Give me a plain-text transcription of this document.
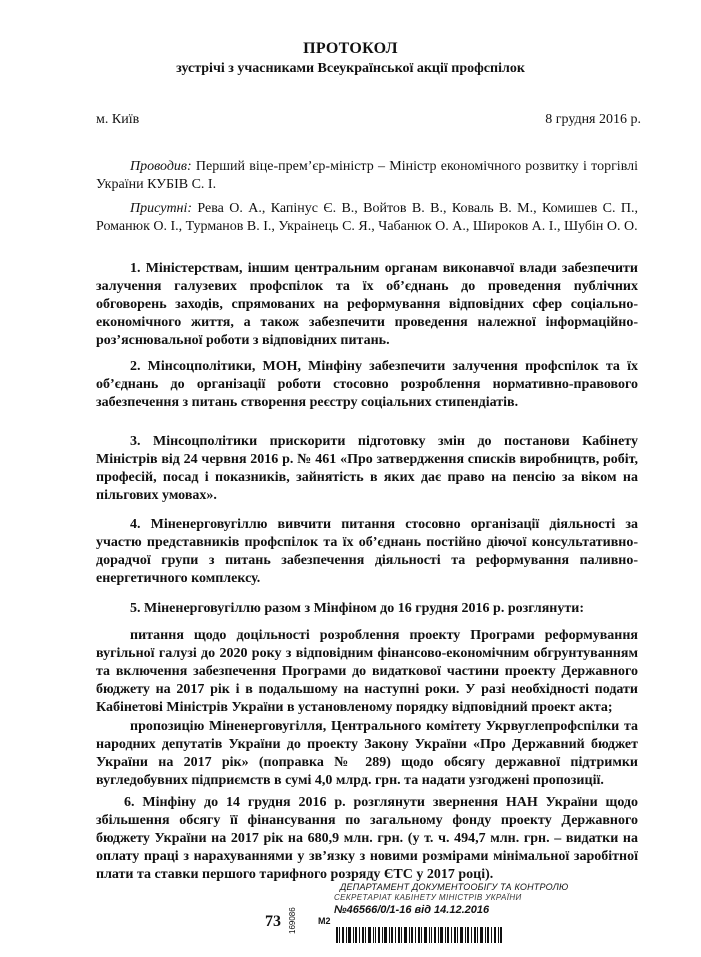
ПРОТОКОЛ
зустрічі з учасниками Всеукраїнської акції профспілок
м. Київ	8 грудня 2016 р.

Проводив: Перший віце-прем’єр-міністр – Міністр економічного розвитку і торгівлі України КУБІВ С. І.

Присутні: Рева О. А., Капінус Є. В., Войтов В. В., Коваль В. М., Комишев С. П., Романюк О. І., Турманов В. І., Украінець С. Я., Чабанюк О. А., Широков А. І., Шубін О. О.

1. Міністерствам, іншим центральним органам виконавчої влади забезпечити залучення галузевих профспілок та їх об’єднань до проведення публічних обговорень заходів, спрямованих на реформування відповідних сфер соціально-економічного життя, а також забезпечити проведення належної інформаційно-роз’яснювальної роботи з відповідних питань.

2. Мінсоцполітики, МОН, Мінфіну забезпечити залучення профспілок та їх об’єднань до організації роботи стосовно розроблення нормативно-правового забезпечення з питань створення реєстру соціальних стипендіатів.

3. Мінсоцполітики прискорити підготовку змін до постанови Кабінету Міністрів від 24 червня 2016 р. № 461 «Про затвердження списків виробництв, робіт, професій, посад і показників, зайнятість в яких дає право на пенсію за віком на пільгових умовах».

4. Міненерговугіллю вивчити питання стосовно організації діяльності за участю представників профспілок та їх об’єднань постійно діючої консультативно-дорадчої групи з питань забезпечення діяльності та реформування паливно-енергетичного комплексу.

5. Міненерговугіллю разом з Мінфіном до 16 грудня 2016 р. розглянути:

питання щодо доцільності розроблення проекту Програми реформування вугільної галузі до 2020 року з відповідним фінансово-економічним обгрунтуванням та включення забезпечення Програми до видаткової частини проекту Державного бюджету на 2017 рік і в подальшому на наступні роки. У разі необхідності подати Кабінетові Міністрів України в установленому порядку відповідний проект акта;

пропозицію Міненерговугілля, Центрального комітету Укрвуглепрофспілки та народних депутатів України до проекту Закону України «Про Державний бюджет України на 2017 рік» (поправка № 289) щодо обсягу державної підтримки вугледобувних підприємств в сумі 4,0 млрд. грн. та надати узгоджені пропозиції.

6. Мінфіну до 14 грудня 2016 р. розглянути звернення НАН України щодо збільшення обсягу її фінансування по загальному фонду проекту Державного бюджету України на 2017 рік на 680,9 млн. грн. (у т. ч. 494,7 млн. грн. – видатки на оплату праці з нарахуваннями у зв’язку з новими розмірами мінімальної заробітної плати та ставки першого тарифного розряду ЄТС у 2017 році).

73 169086 М2
ДЕПАРТАМЕНТ ДОКУМЕНТООБІГУ ТА КОНТРОЛЮ
СЕКРЕТАРІАТ КАБІНЕТУ МІНІСТРІВ УКРАЇНИ
№46566/0/1-16 від 14.12.2016
